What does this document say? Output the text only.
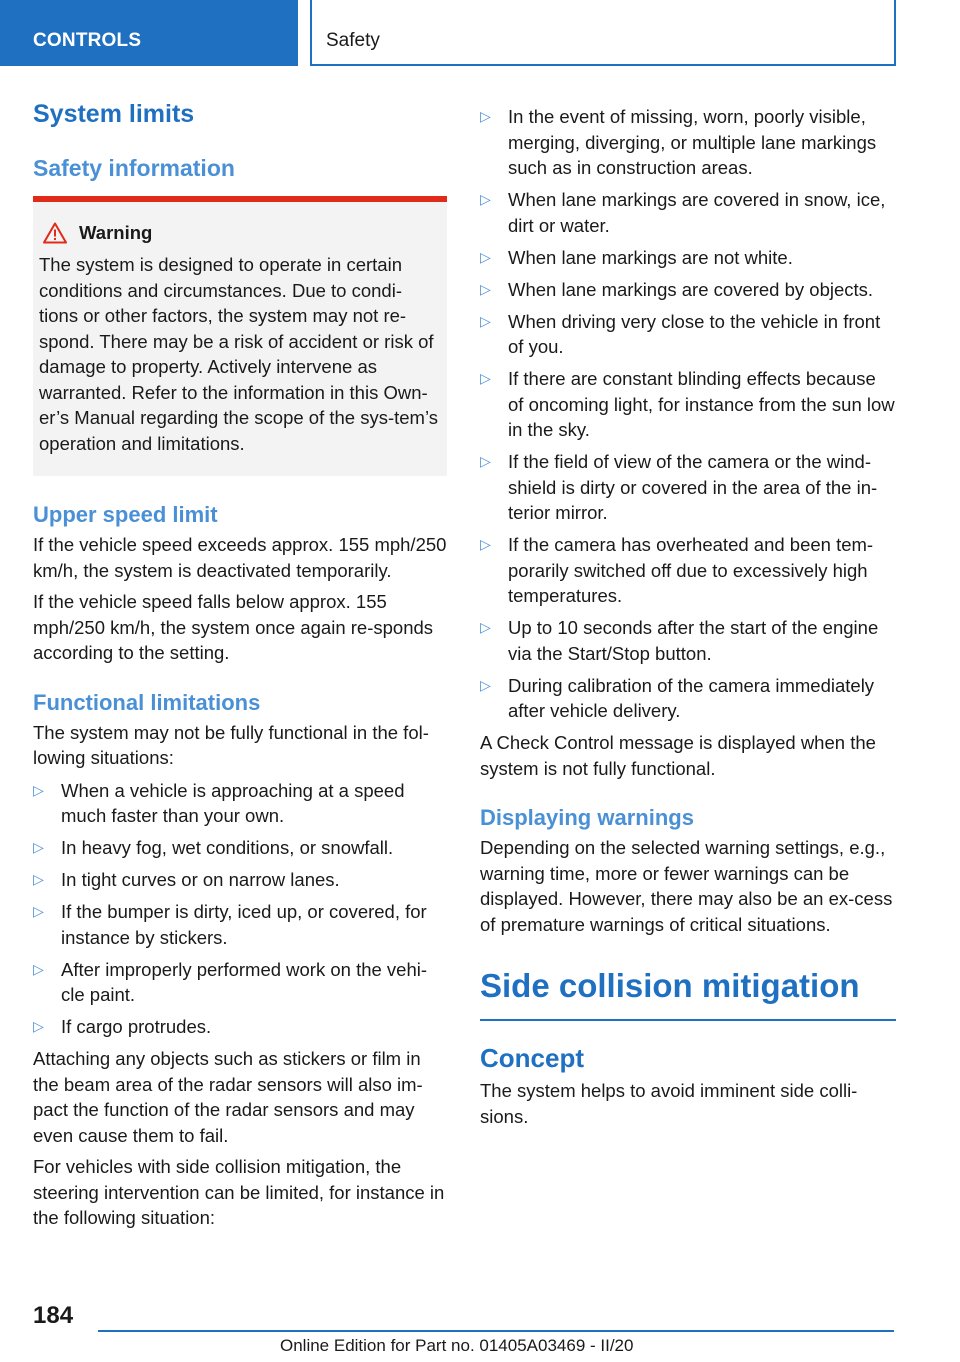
CONTROLS	Safety
System limits
Safety information
Warning

The system is designed to operate in certain conditions and circumstances. Due to condi-tions or other factors, the system may not re-spond. There may be a risk of accident or risk of damage to property. Actively intervene as warranted. Refer to the information in this Own-er’s Manual regarding the scope of the sys-tem’s operation and limitations.

Upper speed limit

If the vehicle speed exceeds approx. 155 mph/250 km/h, the system is deactivated temporarily.

If the vehicle speed falls below approx. 155 mph/250 km/h, the system once again re-sponds according to the setting.

Functional limitations

The system may not be fully functional in the fol-lowing situations:

▷ When a vehicle is approaching at a speed much faster than your own.
▷ In heavy fog, wet conditions, or snowfall.
▷ In tight curves or on narrow lanes.
▷ If the bumper is dirty, iced up, or covered, for instance by stickers.
▷ After improperly performed work on the vehi-cle paint.
▷ If cargo protrudes.

Attaching any objects such as stickers or film in the beam area of the radar sensors will also im-pact the function of the radar sensors and may even cause them to fail.

For vehicles with side collision mitigation, the steering intervention can be limited, for instance in the following situation:

▷ In the event of missing, worn, poorly visible, merging, diverging, or multiple lane markings such as in construction areas.
▷ When lane markings are covered in snow, ice, dirt or water.
▷ When lane markings are not white.
▷ When lane markings are covered by objects.
▷ When driving very close to the vehicle in front of you.
▷ If there are constant blinding effects because of oncoming light, for instance from the sun low in the sky.
▷ If the field of view of the camera or the wind-shield is dirty or covered in the area of the in-terior mirror.
▷ If the camera has overheated and been tem-porarily switched off due to excessively high temperatures.
▷ Up to 10 seconds after the start of the engine via the Start/Stop button.
▷ During calibration of the camera immediately after vehicle delivery.

A Check Control message is displayed when the system is not fully functional.

Displaying warnings

Depending on the selected warning settings, e.g., warning time, more or fewer warnings can be displayed. However, there may also be an ex-cess of premature warnings of critical situations.

Side collision mitigation
Concept

The system helps to avoid imminent side colli-sions.

184
Online Edition for Part no. 01405A03469 - II/20
